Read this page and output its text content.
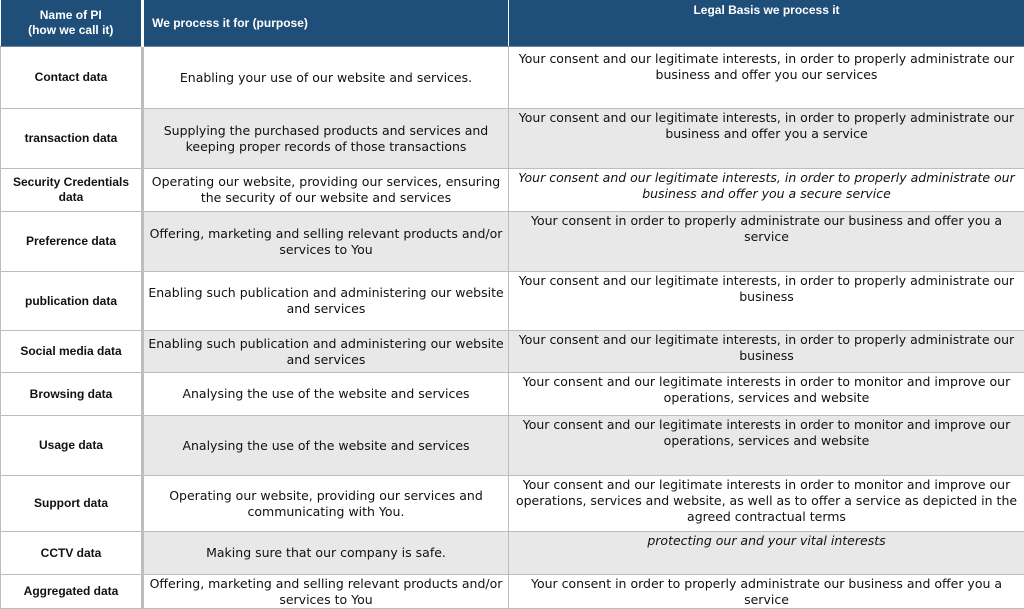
Name of PI
(how we call it)	We process it for (purpose)	Legal Basis we process it
Contact data	Enabling your use of our website and services.	Your consent and our legitimate interests, in order to properly administrate our business and offer you our services
transaction data	Supplying the purchased products and services and keeping proper records of those transactions	Your consent and our legitimate interests, in order to properly administrate our business and offer you a service
Security Credentials data	Operating our website, providing our services, ensuring the security of our website and services	Your consent and our legitimate interests, in order to properly administrate our business and offer you a secure service
Preference data	Offering, marketing and selling relevant products and/or services to You	Your consent in order to properly administrate our business and offer you a service
publication data	Enabling such publication and administering our website and services	Your consent and our legitimate interests, in order to properly administrate our business
Social media data	Enabling such publication and administering our website and services	Your consent and our legitimate interests, in order to properly administrate our business
Browsing data	Analysing the use of the website and services	Your consent and our legitimate interests in order to monitor and improve our operations, services and website
Usage data	Analysing the use of the website and services	Your consent and our legitimate interests in order to monitor and improve our operations, services and website
Support data	Operating our website, providing our services and communicating with You.	Your consent and our legitimate interests in order to monitor and improve our operations, services and website, as well as to offer a service as depicted in the agreed contractual terms
CCTV data	Making sure that our company is safe.	protecting our and your vital interests
Aggregated data	Offering, marketing and selling relevant products and/or services to You	Your consent in order to properly administrate our business and offer you a service
